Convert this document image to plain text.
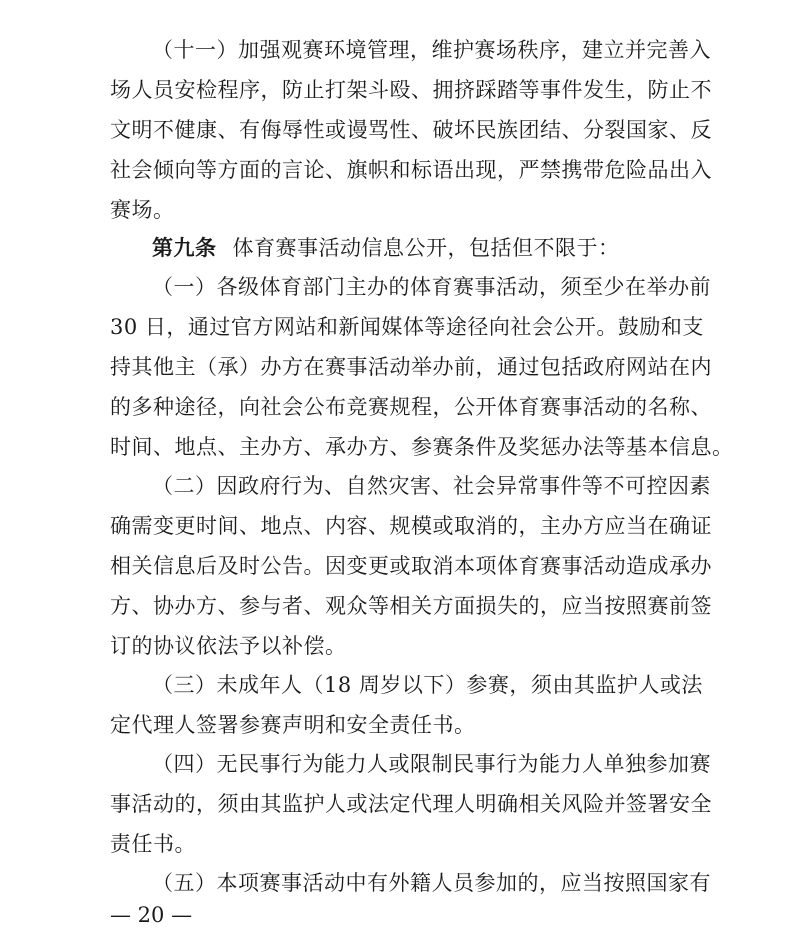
（十一）加强观赛环境管理，维护赛场秩序，建立并完善入
场人员安检程序，防止打架斗殴、拥挤踩踏等事件发生，防止不
文明不健康、有侮辱性或谩骂性、破坏民族团结、分裂国家、反
社会倾向等方面的言论、旗帜和标语出现，严禁携带危险品出入
赛场。
第九条 体育赛事活动信息公开，包括但不限于：
（一）各级体育部门主办的体育赛事活动，须至少在举办前
30 日，通过官方网站和新闻媒体等途径向社会公开。鼓励和支
持其他主（承）办方在赛事活动举办前，通过包括政府网站在内
的多种途径，向社会公布竞赛规程，公开体育赛事活动的名称、
时间、地点、主办方、承办方、参赛条件及奖惩办法等基本信息。
（二）因政府行为、自然灾害、社会异常事件等不可控因素
确需变更时间、地点、内容、规模或取消的，主办方应当在确证
相关信息后及时公告。因变更或取消本项体育赛事活动造成承办
方、协办方、参与者、观众等相关方面损失的，应当按照赛前签
订的协议依法予以补偿。
（三）未成年人（18 周岁以下）参赛，须由其监护人或法
定代理人签署参赛声明和安全责任书。
（四）无民事行为能力人或限制民事行为能力人单独参加赛
事活动的，须由其监护人或法定代理人明确相关风险并签署安全
责任书。
（五）本项赛事活动中有外籍人员参加的，应当按照国家有
— 20 —
